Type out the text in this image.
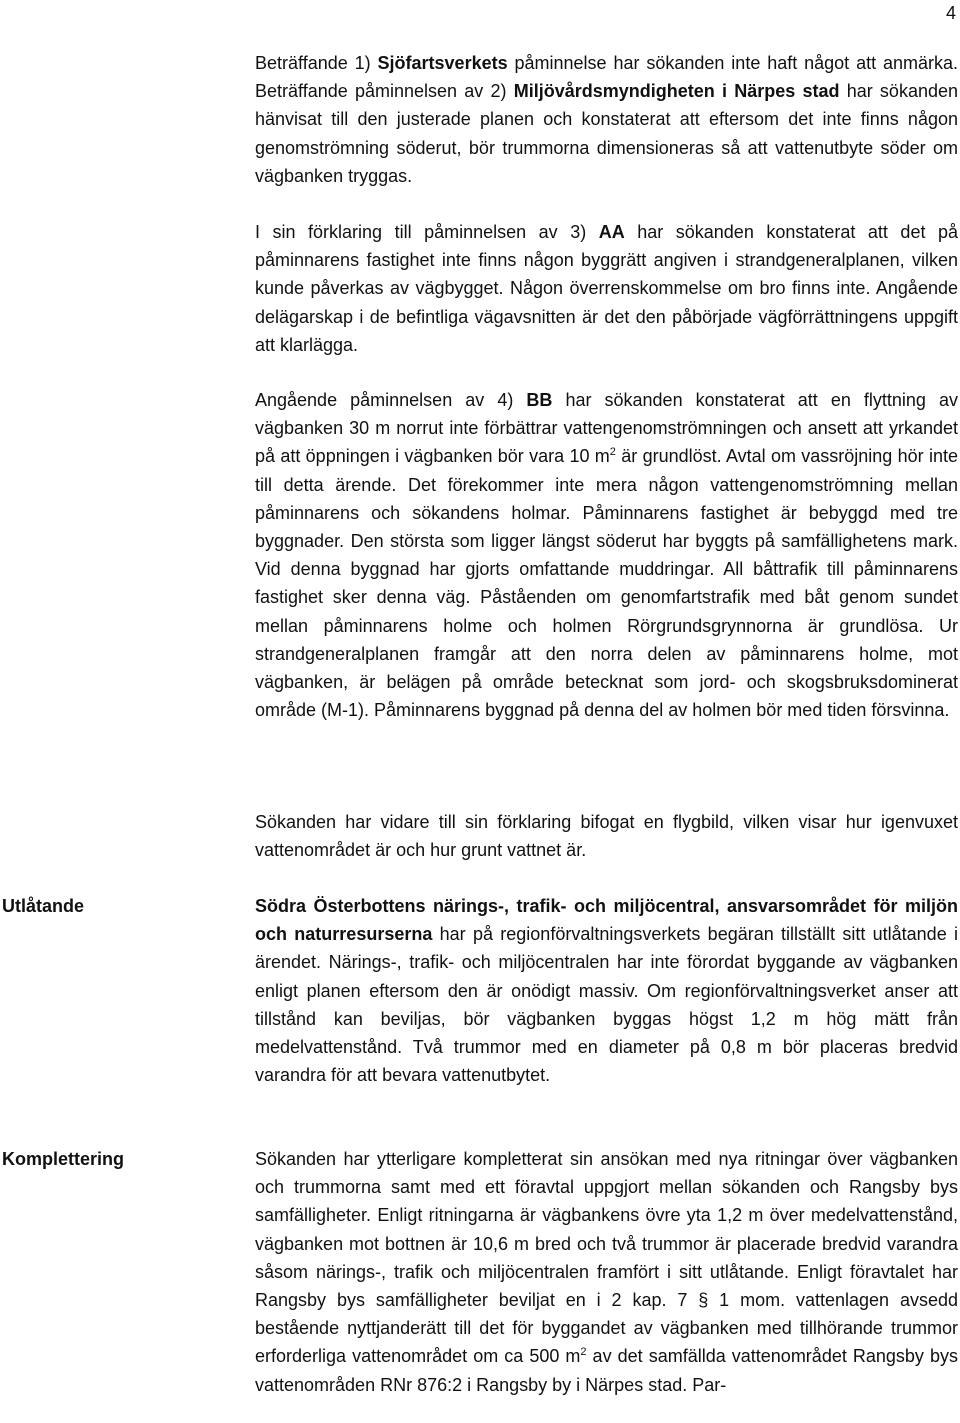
4

Beträffande 1) Sjöfartsverkets påminnelse har sökanden inte haft något att anmärka. Beträffande påminnelsen av 2) Miljövårdsmyndigheten i Närpes stad har sökanden hänvisat till den justerade planen och konstaterat att eftersom det inte finns någon genomströmning söderut, bör trummorna dimensioneras så att vattenutbyte söder om vägbanken tryggas.

I sin förklaring till påminnelsen av 3) AA har sökanden konstaterat att det på påminnarens fastighet inte finns någon byggrätt angiven i strandgeneralplanen, vilken kunde påverkas av vägbygget. Någon överrenskommelse om bro finns inte. Angående delägarskap i de befintliga vägavsnitten är det den påbörjade vägförrättningens uppgift att klarlägga.

Angående påminnelsen av 4) BB har sökanden konstaterat att en flyttning av vägbanken 30 m norrut inte förbättrar vattengenomströmningen och ansett att yrkandet på att öppningen i vägbanken bör vara 10 $m^2$ är grundlöst. Avtal om vassröjning hör inte till detta ärende. Det förekommer inte mera någon vattengenomströmning mellan påminnarens och sökandens holmar. Påminnarens fastighet är bebyggd med tre byggnader. Den största som ligger längst söderut har byggts på samfällighetens mark. Vid denna byggnad har gjorts omfattande muddringar. All båttrafik till påminnarens fastighet sker denna väg. Påståenden om genomfartstrafik med båt genom sundet mellan påminnarens holme och holmen Rörgrundsgrynnorna är grundlösa. Ur strandgeneralplanen framgår att den norra delen av påminnarens holme, mot vägbanken, är belägen på område betecknat som jord- och skogsbruksdominerat område (M-1). Påminnarens byggnad på denna del av holmen bör med tiden försvinna.

Sökanden har vidare till sin förklaring bifogat en flygbild, vilken visar hur igenvuxet vattenområdet är och hur grunt vattnet är.

Utlåtande	Södra Österbottens närings-, trafik- och miljöcentral, ansvarsområdet för miljön och naturresurserna har på regionförvaltningsverkets begäran tillställt sitt utlåtande i ärendet. Närings-, trafik- och miljöcentralen har inte förordat byggande av vägbanken enligt planen eftersom den är onödigt massiv. Om regionförvaltningsverket anser att tillstånd kan beviljas, bör vägbanken byggas högst 1,2 m hög mätt från medelvattenstånd. Två trummor med en diameter på 0,8 m bör placeras bredvid varandra för att bevara vattenutbytet.

Komplettering	Sökanden har ytterligare kompletterat sin ansökan med nya ritningar över vägbanken och trummorna samt med ett föravtal uppgjort mellan sökanden och Rangsby bys samfälligheter. Enligt ritningarna är vägbankens övre yta 1,2 m över medelvattenstånd, vägbanken mot bottnen är 10,6 m bred och två trummor är placerade bredvid varandra såsom närings-, trafik och miljöcentralen framfört i sitt utlåtande. Enligt föravtalet har Rangsby bys samfälligheter beviljat en i 2 kap. 7 § 1 mom. vattenlagen avsedd bestående nyttjanderätt till det för byggandet av vägbanken med tillhörande trummor erforderliga vattenområdet om ca 500 $m^2$ av det samfällda vattenområdet Rangsby bys vattenområden RNr 876:2 i Rangsby by i Närpes stad. Par-
